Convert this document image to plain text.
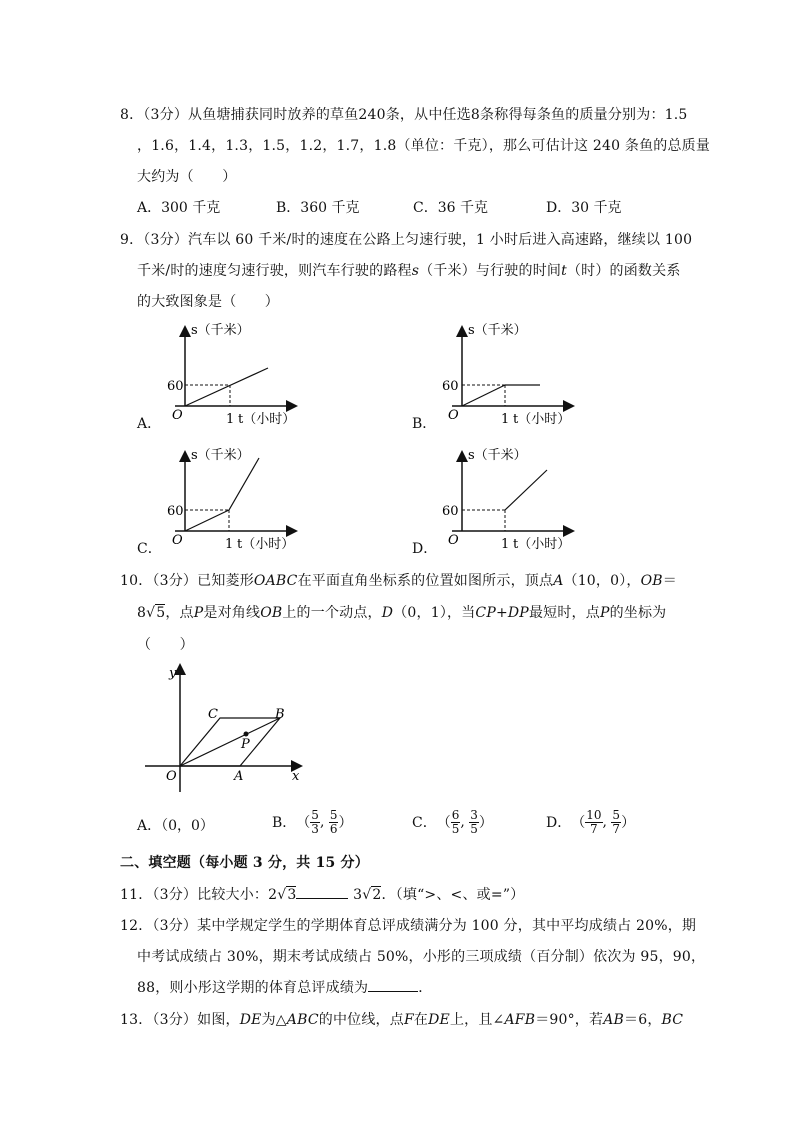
8．（3分）从鱼塘捕获同时放养的草鱼240条，从中任选8条称得每条鱼的质量分别为：1.5
，1.6，1.4，1.3，1.5，1.2，1.7，1.8（单位：千克），那么可估计这 240 条鱼的总质量
大约为（　　）
A．300 千克	B．360 千克	C．36 千克	D．30 千克
9．（3分）汽车以 60 千米/时的速度在公路上匀速行驶，1 小时后进入高速路，继续以 100
千米/时的速度匀速行驶，则汽车行驶的路程s（千米）与行驶的时间t（时）的函数关系
的大致图象是（　　）
A．
s（千米）
60
O	1 t（小时）	B．
s（千米）
60
O	1 t（小时）
C．
s（千米）
60
O	1 t（小时）	D．
s（千米）
60
O	1 t（小时）
10．（3分）已知菱形OABC在平面直角坐标系的位置如图所示，顶点A（10，0），OB＝
8√5，点P是对角线OB上的一个动点，D（0，1），当CP+DP最短时，点P的坐标为
（　　）
y
x
O	A
B
C
P
A．（0，0）	B． （ $\frac{5}{3}$ , $\frac{5}{6}$ ）	C． （ $\frac{6}{5}$ , $\frac{3}{5}$ ）	D． （ $\frac{10}{7}$ , $\frac{5}{7}$ ）
二、填空题（每小题 3 分，共 15 分）
11．（3分）比较大小：2√3	3√2．（填“>、<、或=”）
12．（3分）某中学规定学生的学期体育总评成绩满分为 100 分，其中平均成绩占 20%，期
中考试成绩占 30%，期末考试成绩占 50%，小彤的三项成绩（百分制）依次为 95，90，
88，则小彤这学期的体育总评成绩为	．
13．（3分）如图，DE为△ABC的中位线，点F在DE上，且∠AFB＝90°，若AB＝6，BC
